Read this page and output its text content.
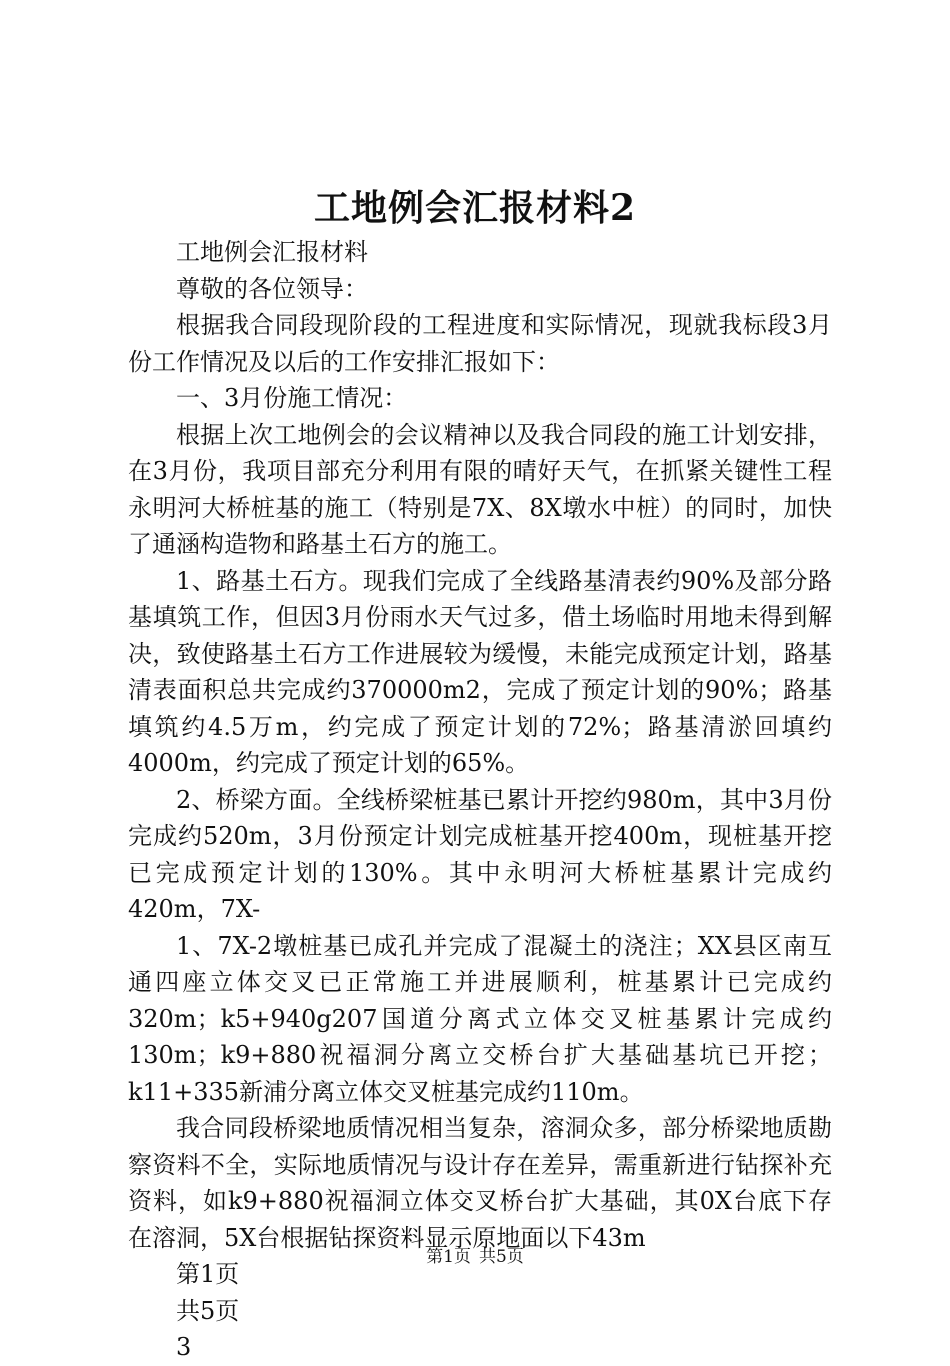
工地例会汇报材料2

工地例会汇报材料

尊敬的各位领导：

根据我合同段现阶段的工程进度和实际情况，现就我标段3月份工作情况及以后的工作安排汇报如下：

一、3月份施工情况：

根据上次工地例会的会议精神以及我合同段的施工计划安排，在3月份，我项目部充分利用有限的晴好天气，在抓紧关键性工程永明河大桥桩基的施工（特别是7X、8X墩水中桩）的同时，加快了通涵构造物和路基土石方的施工。

1、路基土石方。现我们完成了全线路基清表约90%及部分路基填筑工作，但因3月份雨水天气过多，借土场临时用地未得到解决，致使路基土石方工作进展较为缓慢，未能完成预定计划，路基清表面积总共完成约370000m2，完成了预定计划的90%；路基填筑约4.5万m，约完成了预定计划的72%；路基清淤回填约4000m，约完成了预定计划的65%。

2、桥梁方面。全线桥梁桩基已累计开挖约980m，其中3月份完成约520m，3月份预定计划完成桩基开挖400m，现桩基开挖已完成预定计划的130%。其中永明河大桥桩基累计完成约420m，7X-

1、7X-2墩桩基已成孔并完成了混凝土的浇注；XX县区南互通四座立体交叉已正常施工并进展顺利，桩基累计已完成约320m；k5+940g207国道分离式立体交叉桩基累计完成约130m；k9+880祝福洞分离立交桥台扩大基础基坑已开挖；k11+335新浦分离立体交叉桩基完成约110m。

我合同段桥梁地质情况相当复杂，溶洞众多，部分桥梁地质勘察资料不全，实际地质情况与设计存在差异，需重新进行钻探补充资料，如k9+880祝福洞立体交叉桥台扩大基础，其0X台底下存在溶洞，5X台根据钻探资料显示原地面以下43m

第1页

共5页

3

第1页 共5页
